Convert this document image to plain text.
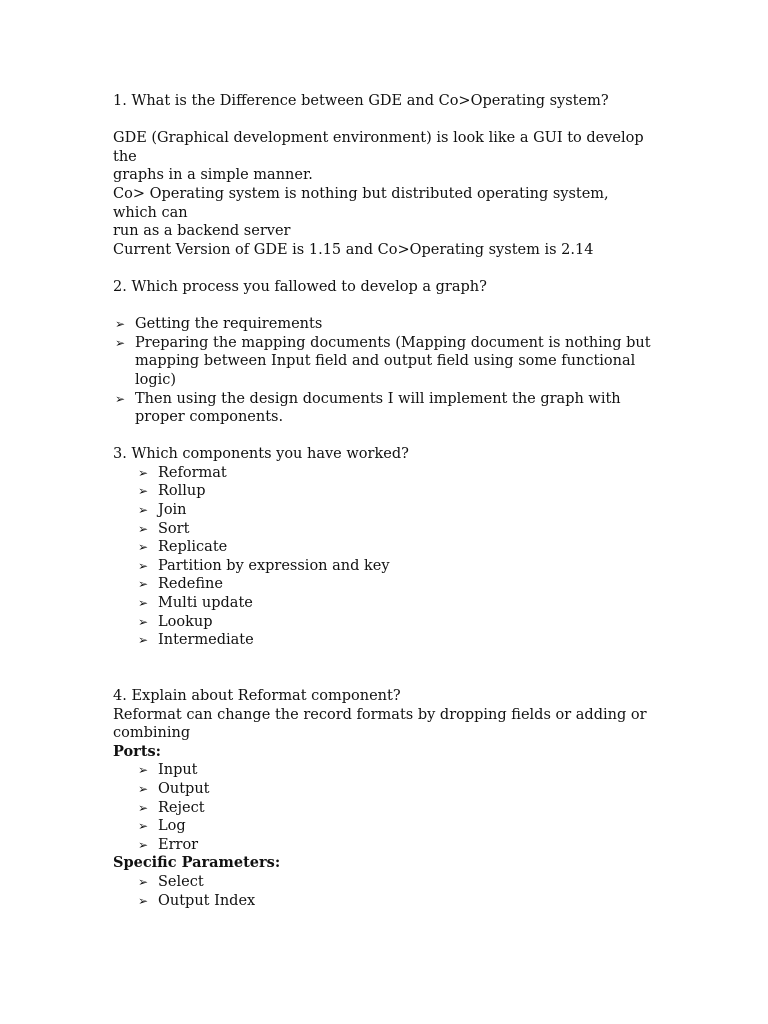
1. What is the Difference between GDE and Co>Operating system?

GDE (Graphical development environment) is look like a GUI to develop the

graphs in a simple manner.

Co> Operating system is nothing but distributed operating system, which can

run as a backend server

Current Version of GDE is 1.15 and Co>Operating system is 2.14

2. Which process you fallowed to develop a graph?

➢ Getting the requirements
➢ Preparing the mapping documents (Mapping document is nothing but mapping between Input field and output field using some functional logic)
➢ Then using the design documents I will implement the graph with proper components.

3. Which components you have worked?

➢ Reformat
➢ Rollup
➢ Join
➢ Sort
➢ Replicate
➢ Partition by expression and key
➢ Redefine
➢ Multi update
➢ Lookup
➢ Intermediate

4. Explain about Reformat component?

Reformat can change the record formats by dropping fields or adding or

combining

Ports:

➢ Input
➢ Output
➢ Reject
➢ Log
➢ Error

Specific Parameters:

➢ Select
➢ Output Index
